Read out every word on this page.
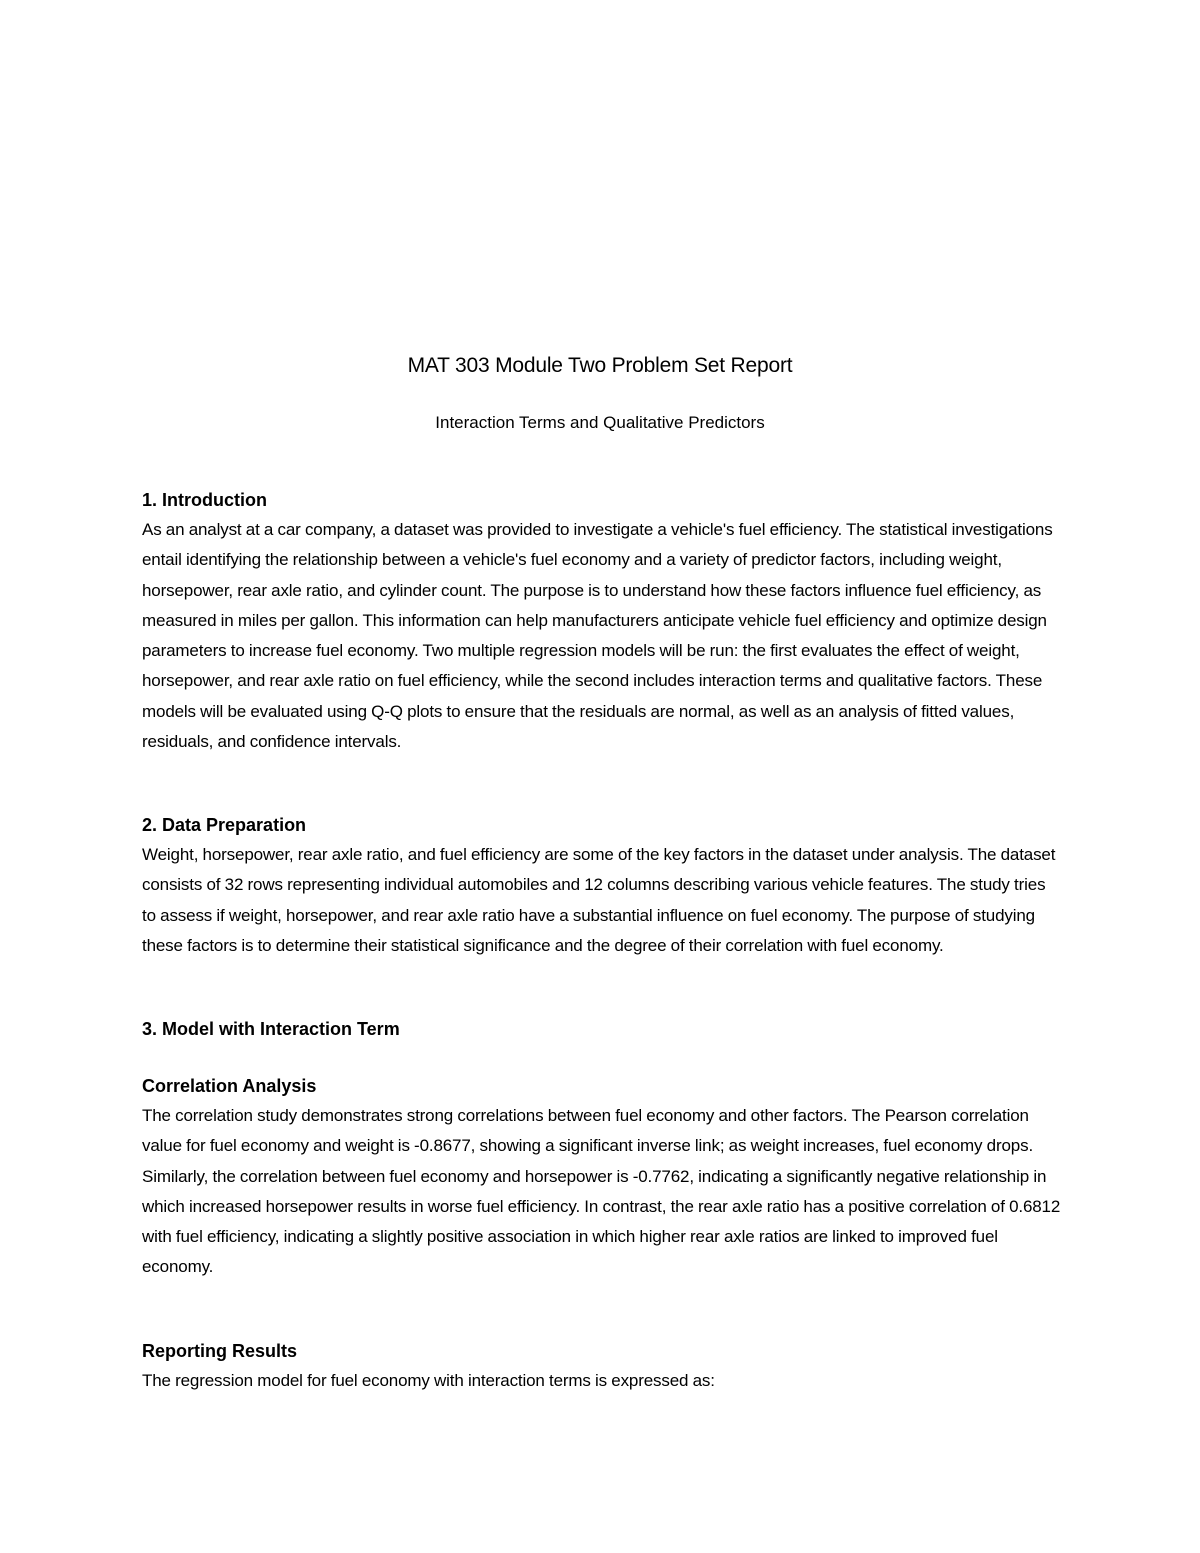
MAT 303 Module Two Problem Set Report

Interaction Terms and Qualitative Predictors

1. Introduction

As an analyst at a car company, a dataset was provided to investigate a vehicle's fuel efficiency. The statistical investigations entail identifying the relationship between a vehicle's fuel economy and a variety of predictor factors, including weight, horsepower, rear axle ratio, and cylinder count. The purpose is to understand how these factors influence fuel efficiency, as measured in miles per gallon. This information can help manufacturers anticipate vehicle fuel efficiency and optimize design parameters to increase fuel economy. Two multiple regression models will be run: the first evaluates the effect of weight, horsepower, and rear axle ratio on fuel efficiency, while the second includes interaction terms and qualitative factors. These models will be evaluated using Q-Q plots to ensure that the residuals are normal, as well as an analysis of fitted values, residuals, and confidence intervals.

2. Data Preparation

Weight, horsepower, rear axle ratio, and fuel efficiency are some of the key factors in the dataset under analysis. The dataset consists of 32 rows representing individual automobiles and 12 columns describing various vehicle features. The study tries to assess if weight, horsepower, and rear axle ratio have a substantial influence on fuel economy. The purpose of studying these factors is to determine their statistical significance and the degree of their correlation with fuel economy.

3. Model with Interaction Term
Correlation Analysis

The correlation study demonstrates strong correlations between fuel economy and other factors. The Pearson correlation value for fuel economy and weight is -0.8677, showing a significant inverse link; as weight increases, fuel economy drops. Similarly, the correlation between fuel economy and horsepower is -0.7762, indicating a significantly negative relationship in which increased horsepower results in worse fuel efficiency. In contrast, the rear axle ratio has a positive correlation of 0.6812 with fuel efficiency, indicating a slightly positive association in which higher rear axle ratios are linked to improved fuel economy.

Reporting Results

The regression model for fuel economy with interaction terms is expressed as:
